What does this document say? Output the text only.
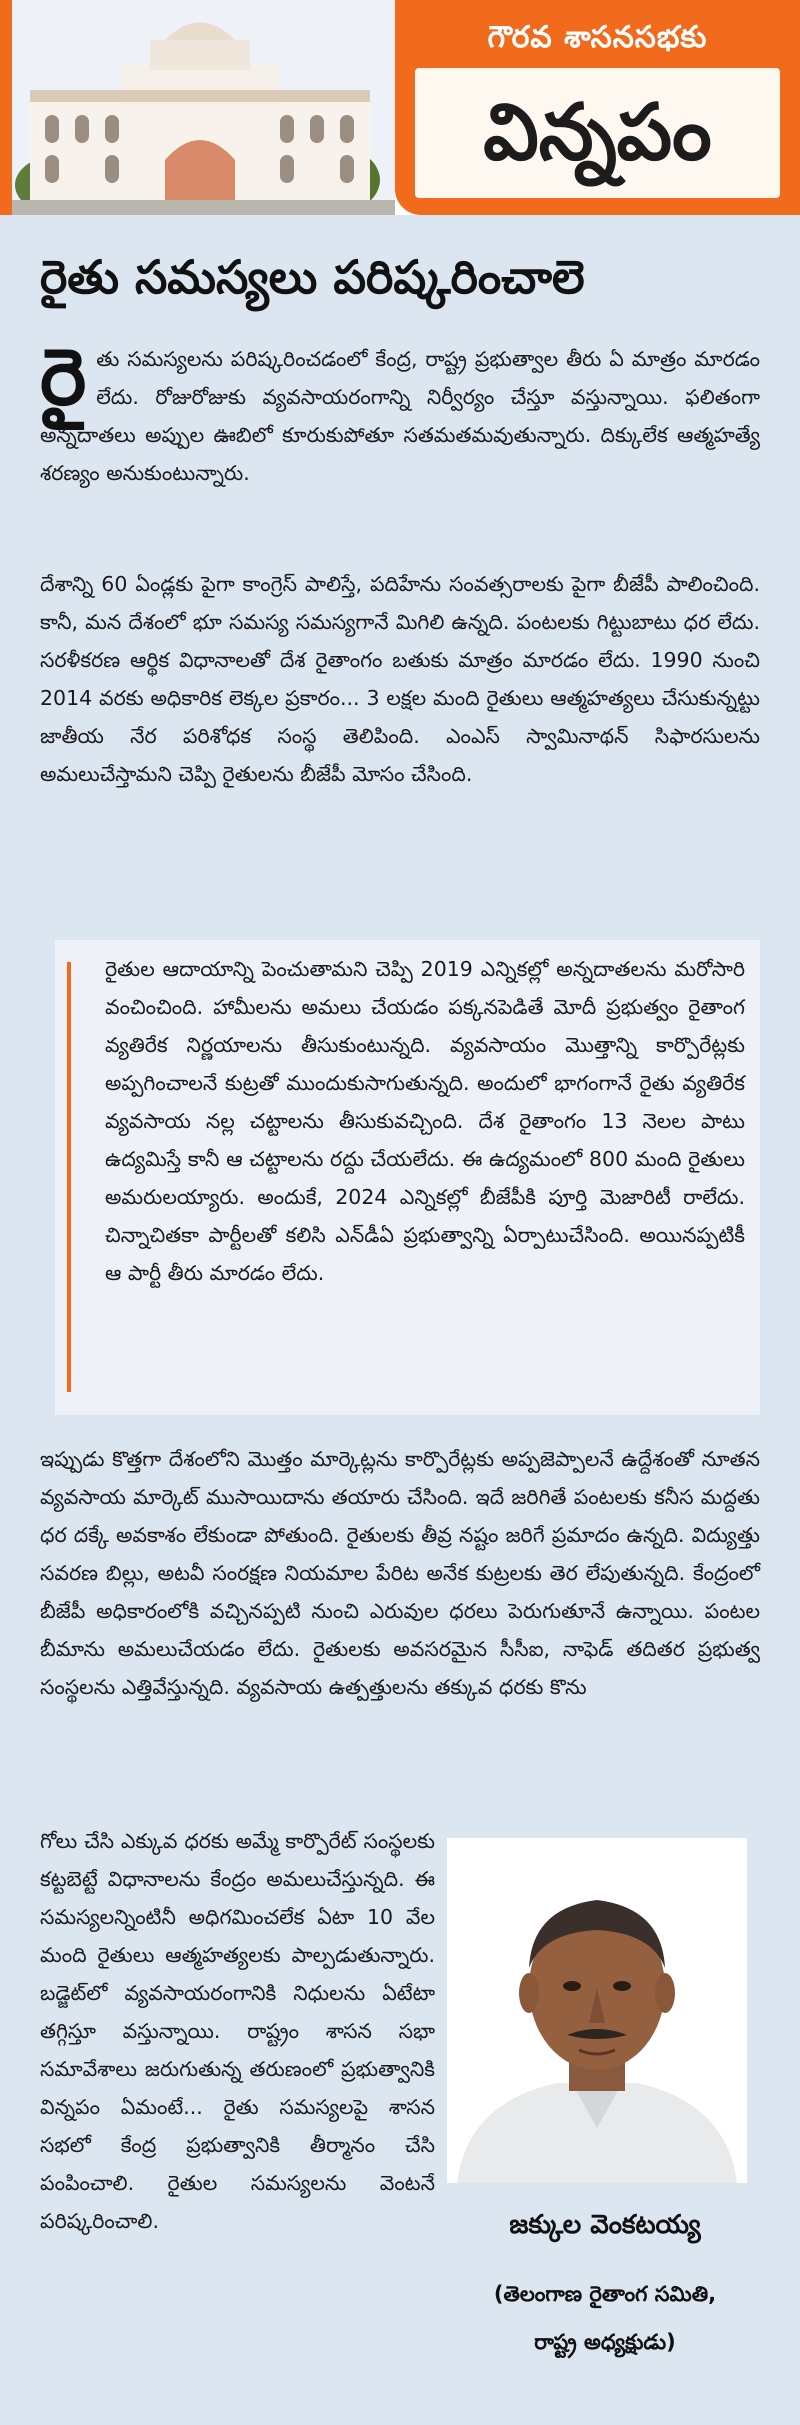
గౌరవ శాసనసభకు
విన్నపం
రైతు సమస్యలు పరిష్కరించాలె
రైతు సమస్యలను పరిష్కరించడంలో కేంద్ర, రాష్ట్ర ప్రభుత్వాల తీరు ఏ మాత్రం మారడం లేదు. రోజురోజుకు వ్యవసాయరంగాన్ని నిర్వీర్యం చేస్తూ వస్తున్నాయి. ఫలితంగా అన్నదాతలు అప్పుల ఊబిలో కూరుకుపోతూ సతమతమవుతున్నారు. దిక్కులేక ఆత్మహత్యే శరణ్యం అనుకుంటున్నారు.
దేశాన్ని 60 ఏండ్లకు పైగా కాంగ్రెస్ పాలిస్తే, పదిహేను సంవత్సరాలకు పైగా బీజేపీ పాలించింది. కానీ, మన దేశంలో భూ సమస్య సమస్యగానే మిగిలి ఉన్నది. పంటలకు గిట్టుబాటు ధర లేదు. సరళీకరణ ఆర్థిక విధానాలతో దేశ రైతాంగం బతుకు మాత్రం మారడం లేదు. 1990 నుంచి 2014 వరకు అధికారిక లెక్కల ప్రకారం... 3 లక్షల మంది రైతులు ఆత్మహత్యలు చేసుకున్నట్టు జాతీయ నేర పరిశోధక సంస్థ తెలిపింది. ఎంఎస్ స్వామినాథన్ సిఫారసులను అమలుచేస్తామని చెప్పి రైతులను బీజేపీ మోసం చేసింది.
రైతుల ఆదాయాన్ని పెంచుతామని చెప్పి 2019 ఎన్నికల్లో అన్నదాతలను మరోసారి వంచించింది. హామీలను అమలు చేయడం పక్కనపెడితే మోదీ ప్రభుత్వం రైతాంగ వ్యతిరేక నిర్ణయాలను తీసుకుంటున్నది. వ్యవసాయం మొత్తాన్ని కార్పొరేట్లకు అప్పగించాలనే కుట్రతో ముందుకుసాగుతున్నది. అందులో భాగంగానే రైతు వ్యతిరేక వ్యవసాయ నల్ల చట్టాలను తీసుకువచ్చింది. దేశ రైతాంగం 13 నెలల పాటు ఉద్యమిస్తే కానీ ఆ చట్టాలను రద్దు చేయలేదు. ఈ ఉద్యమంలో 800 మంది రైతులు అమరులయ్యారు. అందుకే, 2024 ఎన్నికల్లో బీజేపీకి పూర్తి మెజారిటీ రాలేదు. చిన్నాచితకా పార్టీలతో కలిసి ఎన్‌డీఏ ప్రభుత్వాన్ని ఏర్పాటుచేసింది. అయినప్పటికీ ఆ పార్టీ తీరు మారడం లేదు.
ఇప్పుడు కొత్తగా దేశంలోని మొత్తం మార్కెట్లను కార్పొరేట్లకు అప్పజెప్పాలనే ఉద్దేశంతో నూతన వ్యవసాయ మార్కెట్ ముసాయిదాను తయారు చేసింది. ఇదే జరిగితే పంటలకు కనీస మద్దతు ధర దక్కే అవకాశం లేకుండా పోతుంది. రైతులకు తీవ్ర నష్టం జరిగే ప్రమాదం ఉన్నది. విద్యుత్తు సవరణ బిల్లు, అటవీ సంరక్షణ నియమాల పేరిట అనేక కుట్రలకు తెర లేపుతున్నది. కేంద్రంలో బీజేపీ అధికారంలోకి వచ్చినప్పటి నుంచి ఎరువుల ధరలు పెరుగుతూనే ఉన్నాయి. పంటల బీమాను అమలుచేయడం లేదు. రైతులకు అవసరమైన సీసీఐ, నాఫెడ్ తదితర ప్రభుత్వ సంస్థలను ఎత్తివేస్తున్నది. వ్యవసాయ ఉత్పత్తులను తక్కువ ధరకు కొను
గోలు చేసి ఎక్కువ ధరకు అమ్మే కార్పొరేట్ సంస్థలకు కట్టబెట్టే విధానాలను కేంద్రం అమలుచేస్తున్నది. ఈ సమస్యలన్నింటినీ అధిగమించలేక ఏటా 10 వేల మంది రైతులు ఆత్మహత్యలకు పాల్పడుతున్నారు. బడ్జెట్‌లో వ్యవసాయరంగానికి నిధులను ఏటేటా తగ్గిస్తూ వస్తున్నాయి. రాష్ట్రం శాసన సభా సమావేశాలు జరుగుతున్న తరుణంలో ప్రభుత్వానికి విన్నపం ఏమంటే... రైతు సమస్యలపై శాసన సభలో కేంద్ర ప్రభుత్వానికి తీర్మానం చేసి పంపించాలి. రైతుల సమస్యలను వెంటనే పరిష్కరించాలి.	జక్కుల వెంకటయ్య
(తెలంగాణ రైతాంగ సమితి,
రాష్ట్ర అధ్యక్షుడు)
